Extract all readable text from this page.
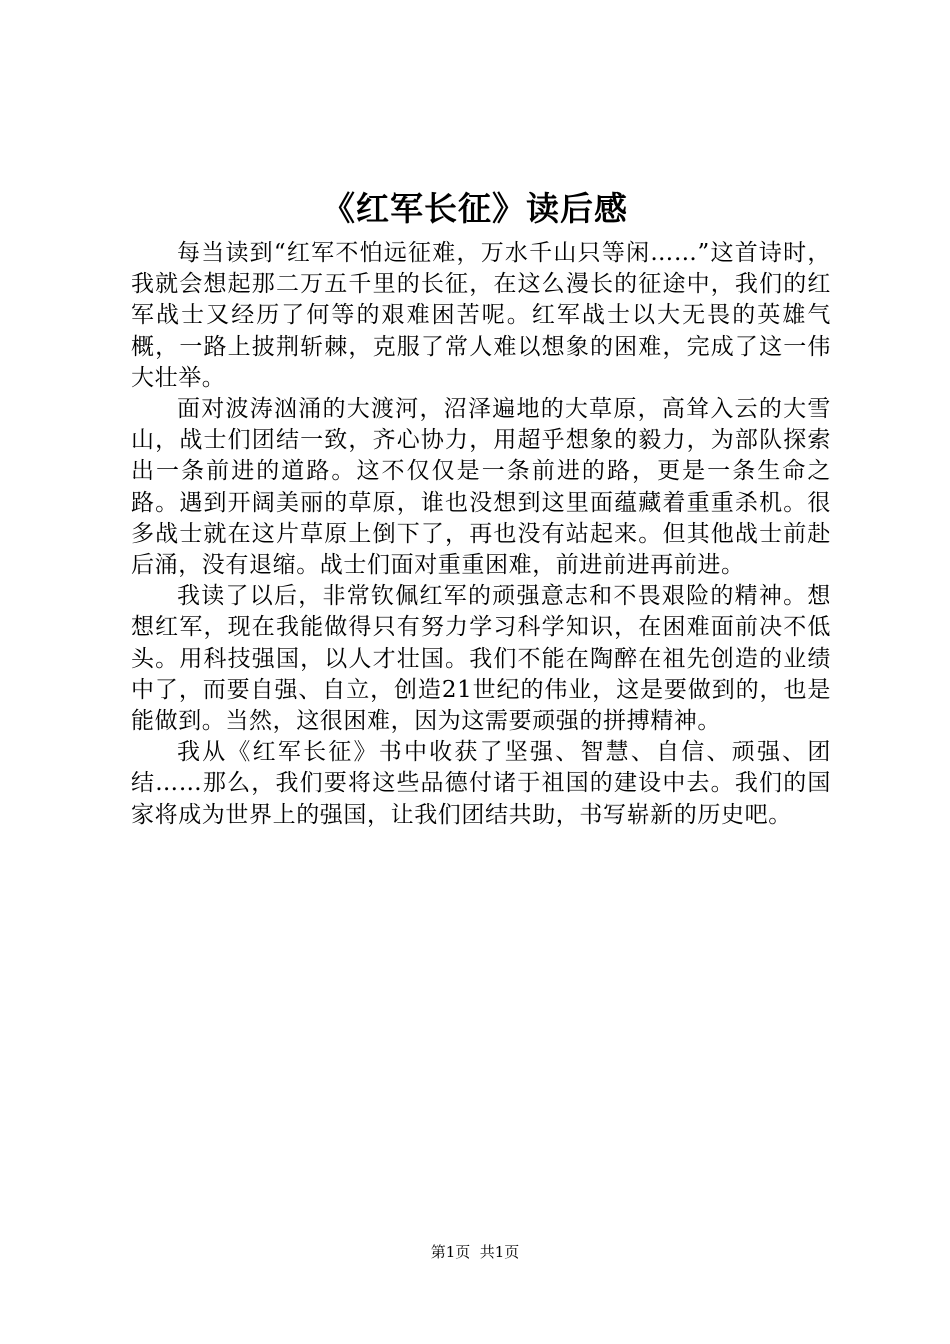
《红军长征》读后感

每当读到“红军不怕远征难，万水千山只等闲……”这首诗时，我就会想起那二万五千里的长征，在这么漫长的征途中，我们的红军战士又经历了何等的艰难困苦呢。红军战士以大无畏的英雄气概，一路上披荆斩棘，克服了常人难以想象的困难，完成了这一伟大壮举。

面对波涛汹涌的大渡河，沼泽遍地的大草原，高耸入云的大雪山，战士们团结一致，齐心协力，用超乎想象的毅力，为部队探索出一条前进的道路。这不仅仅是一条前进的路，更是一条生命之路。遇到开阔美丽的草原，谁也没想到这里面蕴藏着重重杀机。很多战士就在这片草原上倒下了，再也没有站起来。但其他战士前赴后涌，没有退缩。战士们面对重重困难，前进前进再前进。

我读了以后，非常钦佩红军的顽强意志和不畏艰险的精神。想想红军，现在我能做得只有努力学习科学知识，在困难面前决不低头。用科技强国，以人才壮国。我们不能在陶醉在祖先创造的业绩中了，而要自强、自立，创造21世纪的伟业，这是要做到的，也是能做到。当然，这很困难，因为这需要顽强的拼搏精神。

我从《红军长征》书中收获了坚强、智慧、自信、顽强、团结……那么，我们要将这些品德付诸于祖国的建设中去。我们的国家将成为世界上的强国，让我们团结共助，书写崭新的历史吧。

第1页  共1页
